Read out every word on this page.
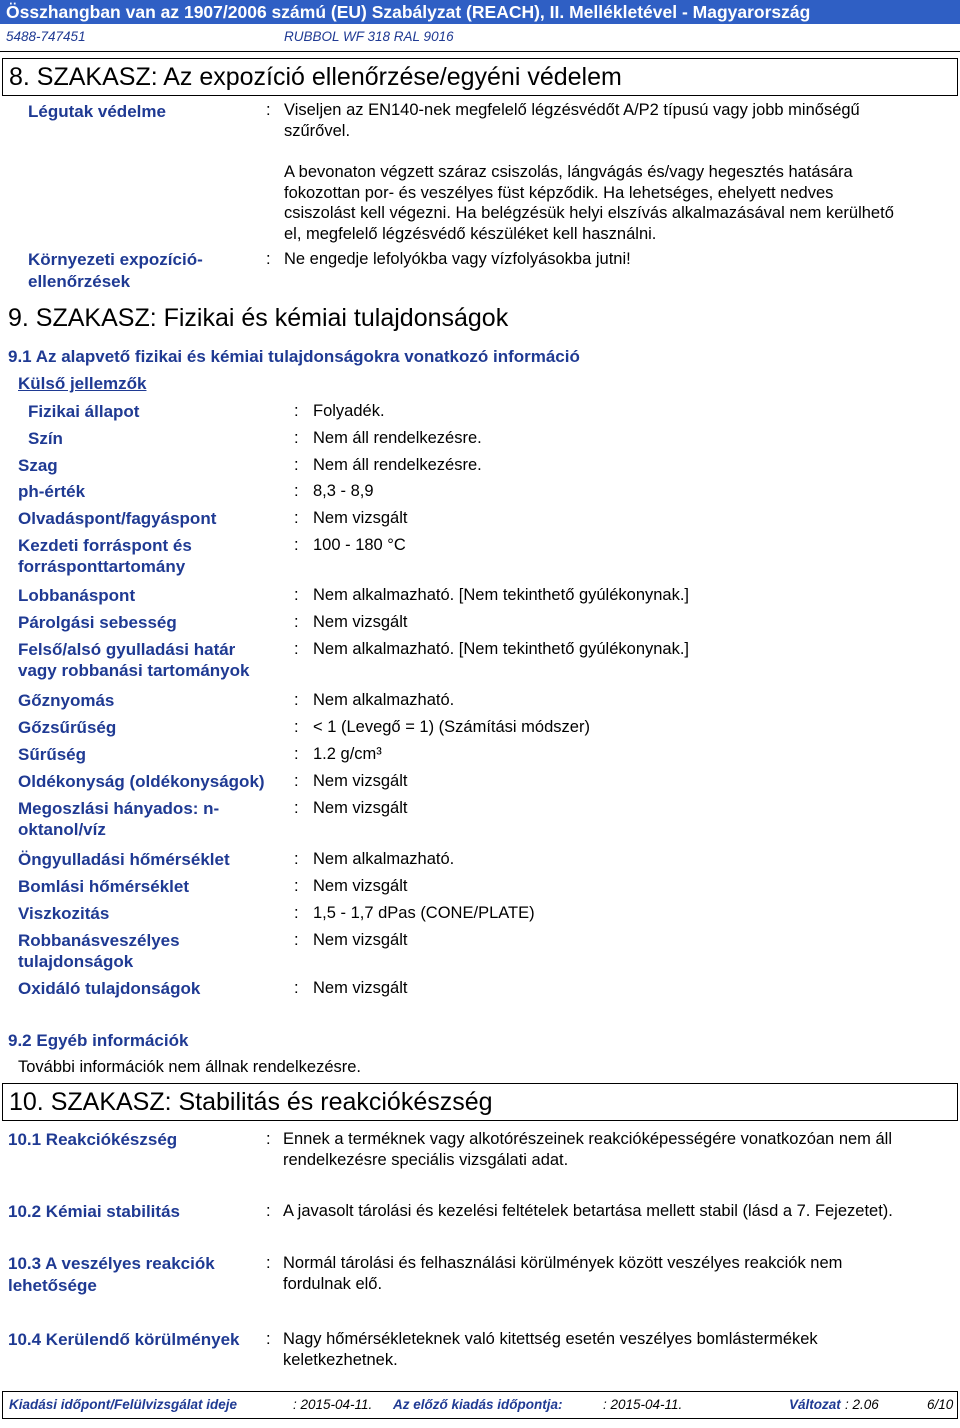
Összhangban van az 1907/2006 számú (EU) Szabályzat (REACH), II. Mellékletével - Magyarország
5488-747451	RUBBOL WF 318 RAL 9016
8. SZAKASZ: Az expozíció ellenőrzése/egyéni védelem
Légutak védelme	: Viseljen az EN140-nek megfelelő légzésvédőt A/P2 típusú vagy jobb minőségű
szűrővel.
A bevonaton végzett száraz csiszolás, lángvágás és/vagy hegesztés hatására
fokozottan por- és veszélyes füst képződik. Ha lehetséges, ehelyett nedves
csiszolást kell végezni. Ha belégzésük helyi elszívás alkalmazásával nem kerülhető
el, megfelelő légzésvédő készüléket kell használni.
Környezeti expozíció-
ellenőrzések
: Ne engedje lefolyókba vagy vízfolyásokba jutni!
9. SZAKASZ: Fizikai és kémiai tulajdonságok
9.1 Az alapvető fizikai és kémiai tulajdonságokra vonatkozó információ
Külső jellemzők
Fizikai állapot	: Folyadék.
Szín	: Nem áll rendelkezésre.
Szag	: Nem áll rendelkezésre.
ph-érték	: 8,3 - 8,9
Olvadáspont/fagyáspont	: Nem vizsgált
Kezdeti forráspont és
forrásponttartomány
: 100 - 180 °C
Lobbanáspont	: Nem alkalmazható. [Nem tekinthető gyúlékonynak.]
Párolgási sebesség	: Nem vizsgált
Felső/alsó gyulladási határ
vagy robbanási tartományok
: Nem alkalmazható. [Nem tekinthető gyúlékonynak.]
Gőznyomás	: Nem alkalmazható.
Gőzsűrűség	: < 1 (Levegő = 1) (Számítási módszer)
Sűrűség	: 1.2 g/cm³
Oldékonyság (oldékonyságok) : Nem vizsgált
Megoszlási hányados: n-
oktanol/víz
: Nem vizsgált
Öngyulladási hőmérséklet	: Nem alkalmazható.
Bomlási hőmérséklet	: Nem vizsgált
Viszkozitás	: 1,5 - 1,7 dPas (CONE/PLATE)
Robbanásveszélyes
tulajdonságok
: Nem vizsgált
Oxidáló tulajdonságok	: Nem vizsgált
9.2 Egyéb információk
További információk nem állnak rendelkezésre.
10. SZAKASZ: Stabilitás és reakciókészség
10.1 Reakciókészség	: Ennek a terméknek vagy alkotórészeinek reakcióképességére vonatkozóan nem áll
rendelkezésre speciális vizsgálati adat.
10.2 Kémiai stabilitás	: A javasolt tárolási és kezelési feltételek betartása mellett stabil (lásd a 7. Fejezetet).
10.3 A veszélyes reakciók
lehetősége
: Normál tárolási és felhasználási körülmények között veszélyes reakciók nem
fordulnak elő.
10.4 Kerülendő körülmények : Nagy hőmérsékleteknek való kitettség esetén veszélyes bomlástermékek
keletkezhetnek.
Kiadási időpont/Felülvizsgálat ideje	: 2015-04-11. Az előző kiadás időpontja:	: 2015-04-11.	Változat : 2.06	6/10
